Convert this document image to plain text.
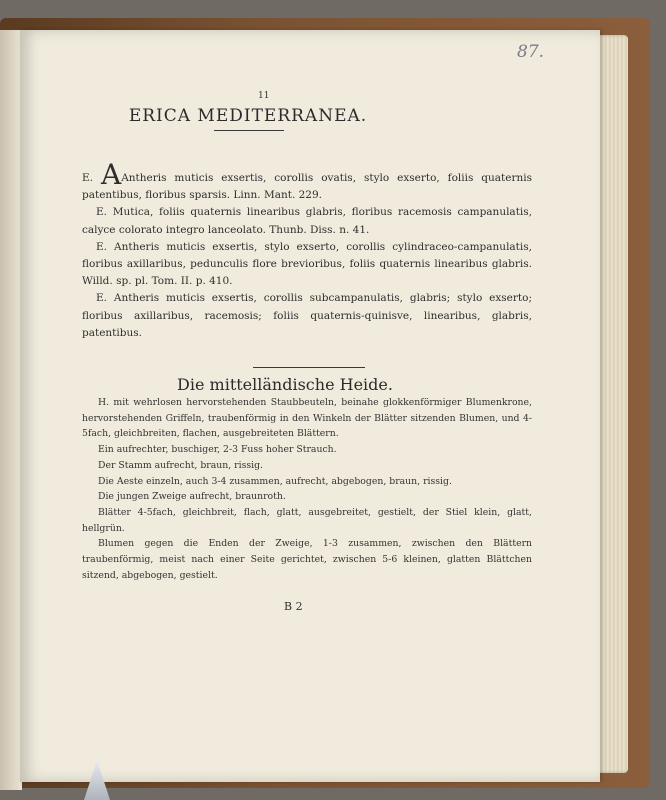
87.
11
ERICA MEDITERRANEA.

E. AAntheris muticis exsertis, corollis ovatis, stylo exserto, foliis quaternis patentibus, floribus sparsis. Linn. Mant. 229.

E. Mutica, foliis quaternis linearibus glabris, floribus racemosis campanulatis, calyce colorato integro lanceolato. Thunb. Diss. n. 41.

E. Antheris muticis exsertis, stylo exserto, corollis cylindraceo-campanulatis, floribus axillaribus, pedunculis flore brevioribus, foliis quaternis linearibus glabris. Willd. sp. pl. Tom. II. p. 410.

E. Antheris muticis exsertis, corollis subcampanulatis, glabris; stylo exserto; floribus axillaribus, racemosis; foliis quaternis-quinisve, linearibus, glabris, patentibus.

Die mittelländische Heide.

H. mit wehrlosen hervorstehenden Staubbeuteln, beinahe glokkenförmiger Blumenkrone, hervorstehenden Griffeln, traubenförmig in den Winkeln der Blätter sitzenden Blumen, und 4-5fach, gleichbreiten, flachen, ausgebreiteten Blättern.

Ein aufrechter, buschiger, 2-3 Fuss hoher Strauch.

Der Stamm aufrecht, braun, rissig.

Die Aeste einzeln, auch 3-4 zusammen, aufrecht, abgebogen, braun, rissig.

Die jungen Zweige aufrecht, braunroth.

Blätter 4-5fach, gleichbreit, flach, glatt, ausgebreitet, gestielt, der Stiel klein, glatt, hellgrün.

Blumen gegen die Enden der Zweige, 1-3 zusammen, zwischen den Blättern traubenförmig, meist nach einer Seite gerichtet, zwischen 5-6 kleinen, glatten Blättchen sitzend, abgebogen, gestielt.

B 2
